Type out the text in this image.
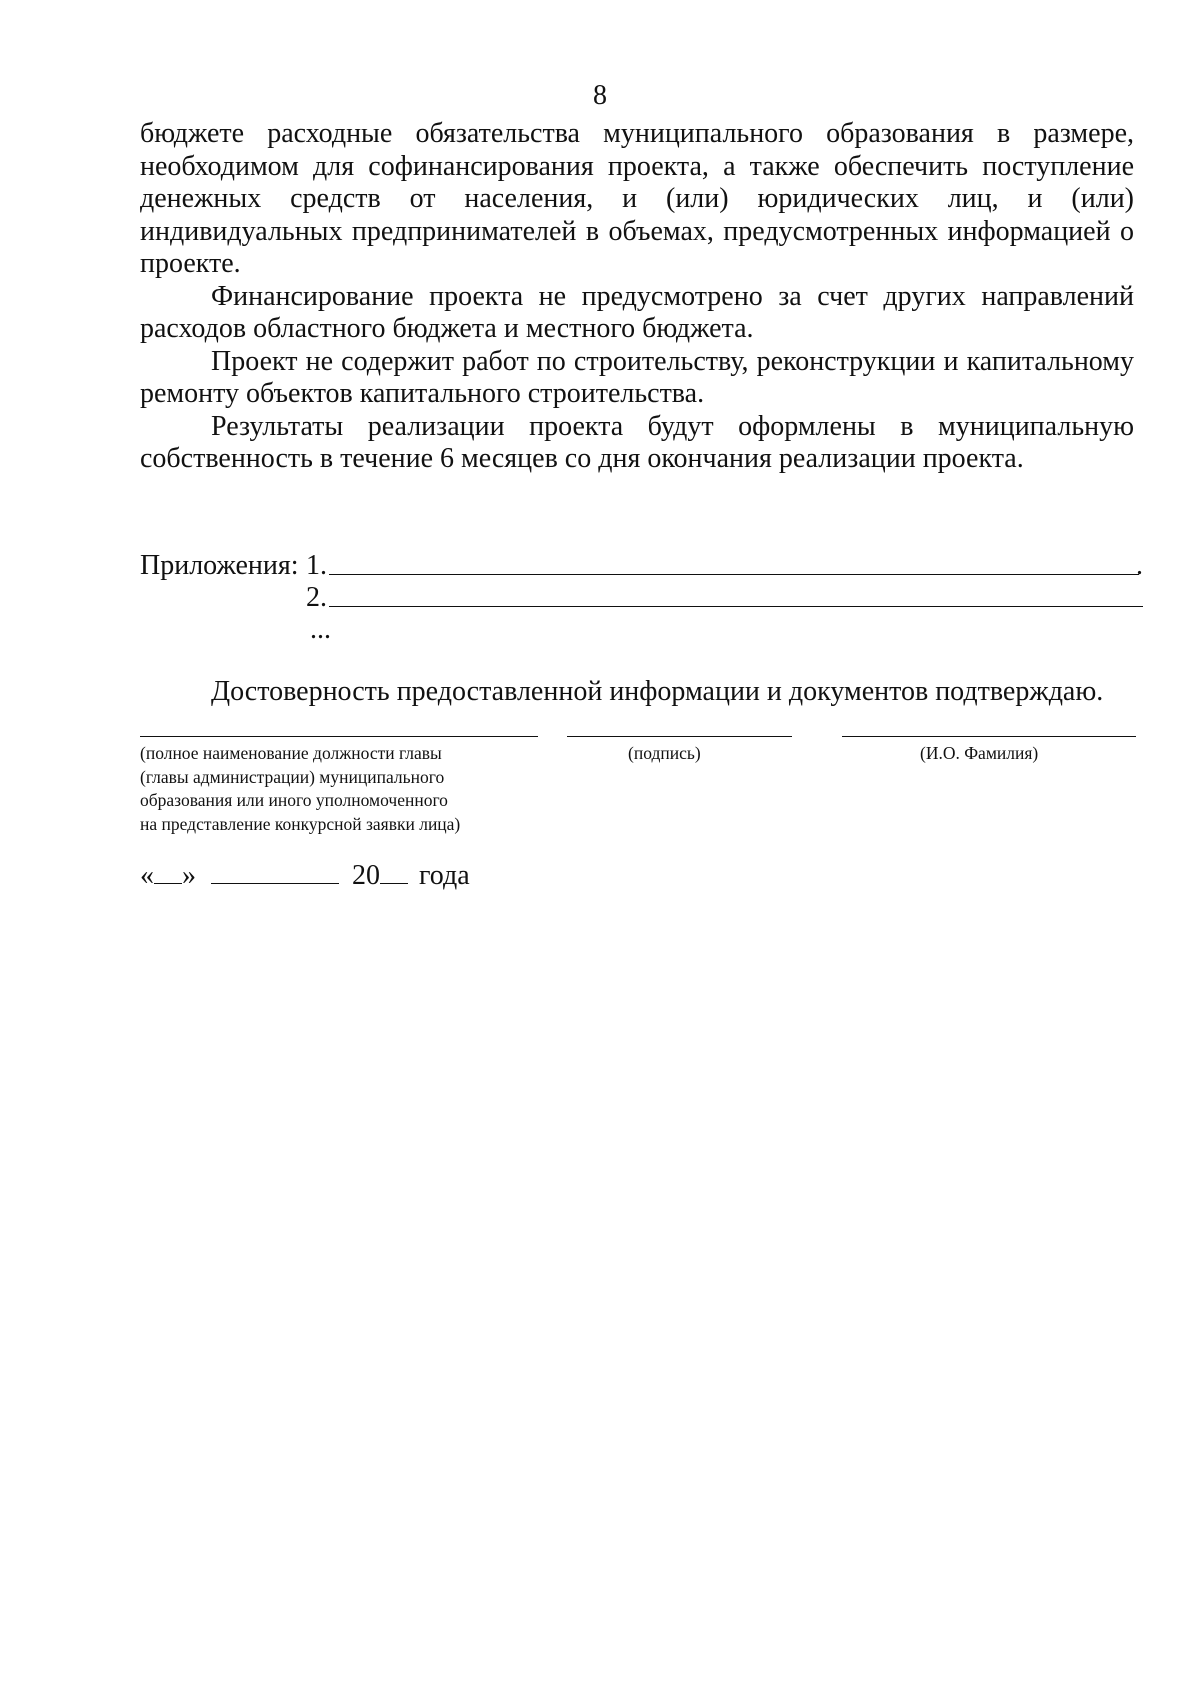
8

бюджете расходные обязательства муниципального образования в размере, необходимом для софинансирования проекта, а также обеспечить поступление денежных средств от населения, и (или) юридических лиц, и (или) индивидуальных предпринимателей в объемах, предусмотренных информацией о проекте.

Финансирование проекта не предусмотрено за счет других направлений расходов областного бюджета и местного бюджета.

Проект не содержит работ по строительству, реконструкции и капитальному ремонту объектов капитального строительства.

Результаты реализации проекта будут оформлены в муниципальную собственность в течение 6 месяцев со дня окончания реализации проекта.

Приложения: 1.	.
2.
...
Достоверность предоставленной информации и документов подтверждаю.
(полное наименование должности главы
(главы администрации) муниципального
образования или иного уполномоченного
на представление конкурсной заявки лица)
(подпись)	(И.О. Фамилия)
« »	20 года
